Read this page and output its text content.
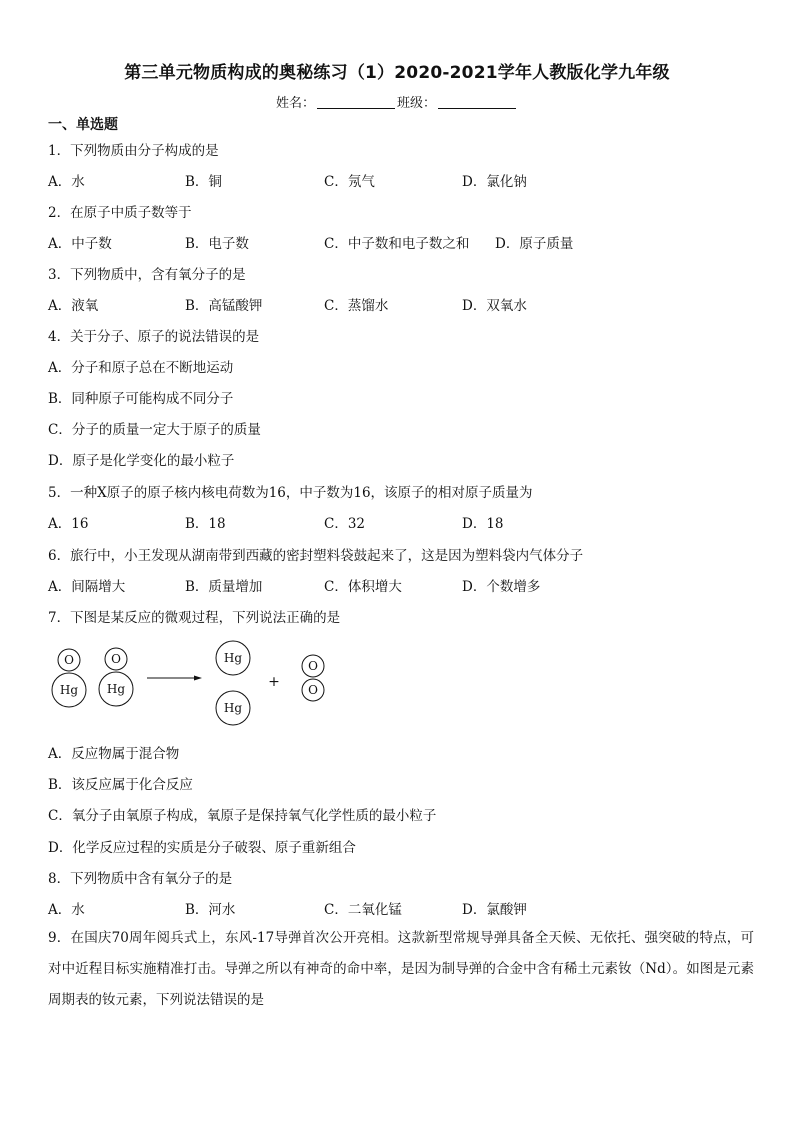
第三单元物质构成的奥秘练习（1）2020-2021学年人教版化学九年级
姓名：	班级：
一、单选题
1．下列物质由分子构成的是
A．水	B．铜	C．氖气	D．氯化钠
2．在原子中质子数等于
A．中子数	B．电子数	C．中子数和电子数之和 D．原子质量
3．下列物质中，含有氧分子的是
A．液氧	B．高锰酸钾	C．蒸馏水	D．双氧水
4．关于分子、原子的说法错误的是
A．分子和原子总在不断地运动
B．同种原子可能构成不同分子
C．分子的质量一定大于原子的质量
D．原子是化学变化的最小粒子
5．一种X原子的原子核内核电荷数为16，中子数为16，该原子的相对原子质量为
A．16	B．18	C．32	D．18
6．旅行中，小王发现从湖南带到西藏的密封塑料袋鼓起来了，这是因为塑料袋内气体分子
A．间隔增大	B．质量增加	C．体积增大	D．个数增多
7．下图是某反应的微观过程，下列说法正确的是
O
Hg
O
Hg
Hg
Hg
O
O
+
A．反应物属于混合物
B．该反应属于化合反应
C．氧分子由氧原子构成，氧原子是保持氧气化学性质的最小粒子
D．化学反应过程的实质是分子破裂、原子重新组合
8．下列物质中含有氧分子的是
A．水	B．河水	C．二氧化锰	D．氯酸钾
9．在国庆70周年阅兵式上，东风-17导弹首次公开亮相。这款新型常规导弹具备全天候、无依托、强突破的特点，可对中近程目标实施精准打击。导弹之所以有神奇的命中率，是因为制导弹的合金中含有稀土元素钕（Nd）。如图是元素周期表的钕元素，下列说法错误的是
